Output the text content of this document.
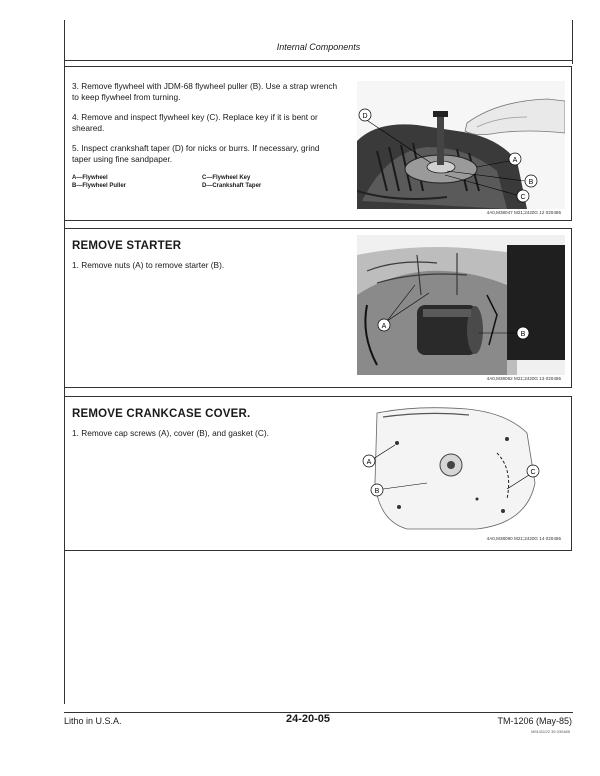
Internal Components

3. Remove flywheel with JDM-68 flywheel puller (B). Use a strap wrench to keep flywheel from turning.

4. Remove and inspect flywheel key (C). Replace key if it is bent or sheared.

5. Inspect crankshaft taper (D) for nicks or burrs. If necessary, grind taper using fine sandpaper.

A—Flywheel	C—Flywheel Key
B—Flywheel Puller	D—Crankshaft Taper
D
A
B
C
4A0,M38047 M21;2420G 12 020485
REMOVE STARTER

1. Remove nuts (A) to remove starter (B).

A
B
4A0,M38062 M21;2420G 13 020485
REMOVE CRANKCASE COVER.

1. Remove cap screws (A), cover (B), and gasket (C).

A
B
C
4A0,M38090 M21;2420G 14 020485
Litho in U.S.A.	24-20-05	TM-1206 (May-85)
M91/02/22 35 030485
